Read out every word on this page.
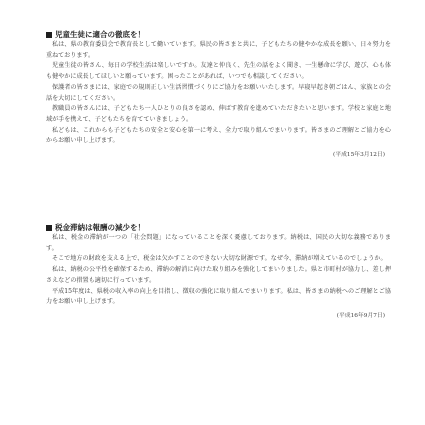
児童生徒に適合の徹底を！

私は、県の教育委員会で教育長として働いています。県民の皆さまと共に、子どもたちの健やかな成長を願い、日々努力を重ねております。

児童生徒の皆さん、毎日の学校生活は楽しいですか。友達と仲良く、先生の話をよく聞き、一生懸命に学び、遊び、心も体も健やかに成長してほしいと願っています。困ったことがあれば、いつでも相談してください。

保護者の皆さまには、家庭での規則正しい生活習慣づくりにご協力をお願いいたします。早寝早起き朝ごはん、家族との会話を大切にしてください。

教職員の皆さんには、子どもたち一人ひとりの良さを認め、伸ばす教育を進めていただきたいと思います。学校と家庭と地域が手を携えて、子どもたちを育てていきましょう。

私どもは、これからも子どもたちの安全と安心を第一に考え、全力で取り組んでまいります。皆さまのご理解とご協力を心からお願い申し上げます。

(平成15年3月12日)
税金滞納は報酬の減少を！

私は、税金の滞納が一つの「社会問題」になっていることを深く憂慮しております。納税は、国民の大切な義務であります。

そこで地方の財政を支える上で、税金は欠かすことのできない大切な財源です。なぜ今、滞納が増えているのでしょうか。

私は、納税の公平性を確保するため、滞納の解消に向けた取り組みを強化してまいりました。県と市町村が協力し、差し押さえなどの措置も適切に行っています。

平成15年度は、県税の収入率の向上を目指し、徴収の強化に取り組んでまいります。私は、皆さまの納税へのご理解とご協力をお願い申し上げます。

(平成16年9月7日)
